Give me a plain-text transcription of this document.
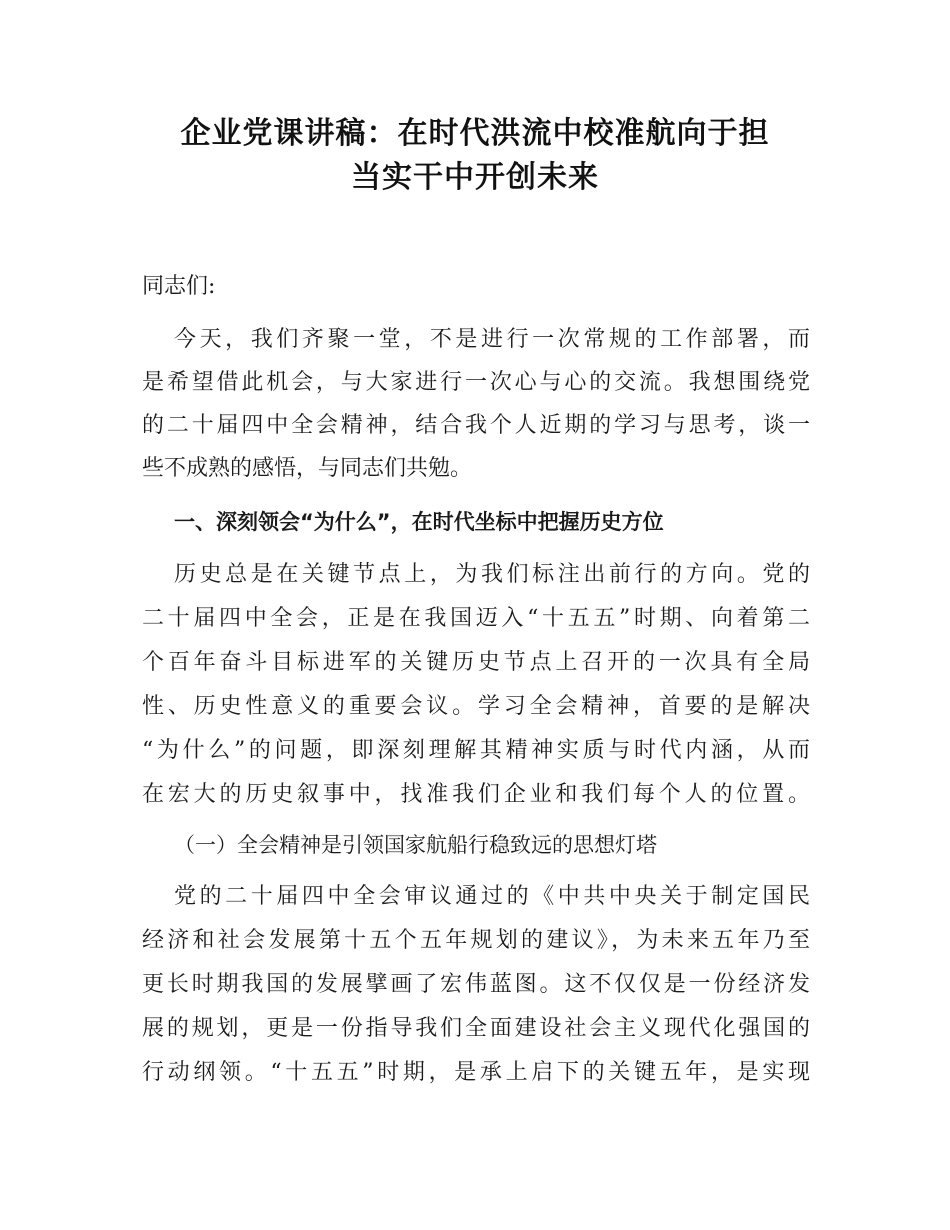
企业党课讲稿：在时代洪流中校准航向于担
当实干中开创未来
同志们:
今天，我们齐聚一堂，不是进行一次常规的工作部署，而
是希望借此机会，与大家进行一次心与心的交流。我想围绕党
的二十届四中全会精神，结合我个人近期的学习与思考，谈一
些不成熟的感悟，与同志们共勉。
一、深刻领会“为什么”，在时代坐标中把握历史方位
历史总是在关键节点上，为我们标注出前行的方向。党的
二十届四中全会，正是在我国迈入“十五五”时期、向着第二
个百年奋斗目标进军的关键历史节点上召开的一次具有全局
性、历史性意义的重要会议。学习全会精神，首要的是解决
“为什么”的问题，即深刻理解其精神实质与时代内涵，从而
在宏大的历史叙事中，找准我们企业和我们每个人的位置。
（一）全会精神是引领国家航船行稳致远的思想灯塔
党的二十届四中全会审议通过的《中共中央关于制定国民
经济和社会发展第十五个五年规划的建议》，为未来五年乃至
更长时期我国的发展擘画了宏伟蓝图。这不仅仅是一份经济发
展的规划，更是一份指导我们全面建设社会主义现代化强国的
行动纲领。“十五五”时期，是承上启下的关键五年，是实现
